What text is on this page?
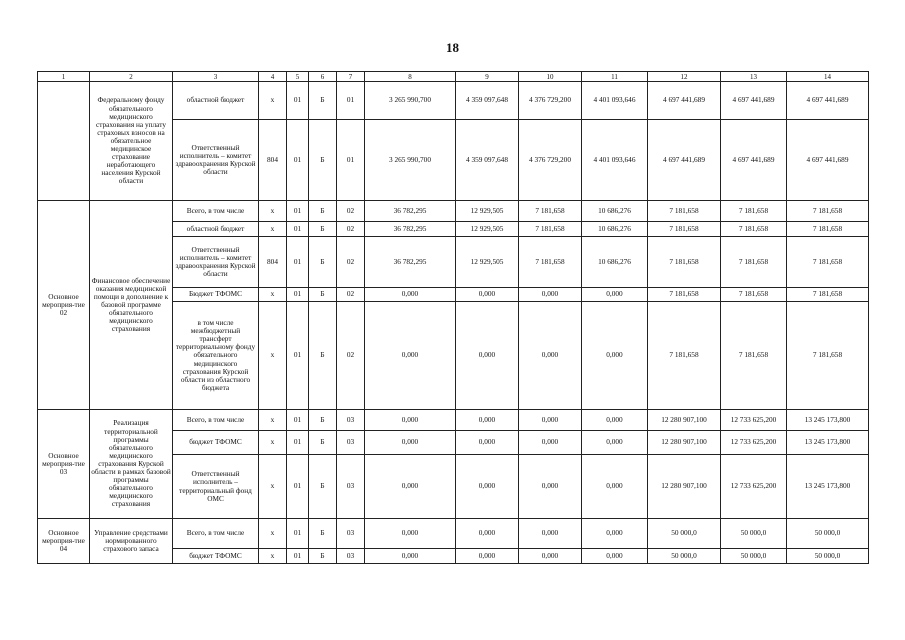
18
1	2	3	4	5	6	7	8	9	10	11	12	13	14
	Федеральному фонду обязательного медицинского страхования на уплату страховых взносов на обязательное медицинское страхование неработающего населения Курской области	областной бюджет	х	01	Б	01	3 265 990,700	4 359 097,648	4 376 729,200	4 401 093,646	4 697 441,689	4 697 441,689	4 697 441,689
		Ответственный исполнитель – комитет здравоохранения Курской области	804	01	Б	01	3 265 990,700	4 359 097,648	4 376 729,200	4 401 093,646	4 697 441,689	4 697 441,689	4 697 441,689
Основное мероприя-тие 02	Финансовое обеспечение оказания медицинской помощи в дополнение к базовой программе обязательного медицинского страхования	Всего, в том числе	х	01	Б	02	36 782,295	12 929,505	7 181,658	10 686,276	7 181,658	7 181,658	7 181,658
		областной бюджет	х	01	Б	02	36 782,295	12 929,505	7 181,658	10 686,276	7 181,658	7 181,658	7 181,658
		Ответственный исполнитель – комитет здравоохранения Курской области	804	01	Б	02	36 782,295	12 929,505	7 181,658	10 686,276	7 181,658	7 181,658	7 181,658
		Бюджет ТФОМС	х	01	Б	02	0,000	0,000	0,000	0,000	7 181,658	7 181,658	7 181,658
		в том числе межбюджетный трансферт территориальному фонду обязательного медицинского страхования Курской области из областного бюджета	х	01	Б	02	0,000	0,000	0,000	0,000	7 181,658	7 181,658	7 181,658
Основное мероприя-тие 03	Реализация территориальной программы обязательного медицинского страхования Курской области в рамках базовой программы обязательного медицинского страхования	Всего, в том числе	х	01	Б	03	0,000	0,000	0,000	0,000	12 280 907,100	12 733 625,200	13 245 173,800
		бюджет ТФОМС	х	01	Б	03	0,000	0,000	0,000	0,000	12 280 907,100	12 733 625,200	13 245 173,800
		Ответственный исполнитель – территориальный фонд ОМС	х	01	Б	03	0,000	0,000	0,000	0,000	12 280 907,100	12 733 625,200	13 245 173,800
Основное мероприя-тие 04	Управление средствами нормированного страхового запаса	Всего, в том числе	х	01	Б	03	0,000	0,000	0,000	0,000	50 000,0	50 000,0	50 000,0
		бюджет ТФОМС	х	01	Б	03	0,000	0,000	0,000	0,000	50 000,0	50 000,0	50 000,0
